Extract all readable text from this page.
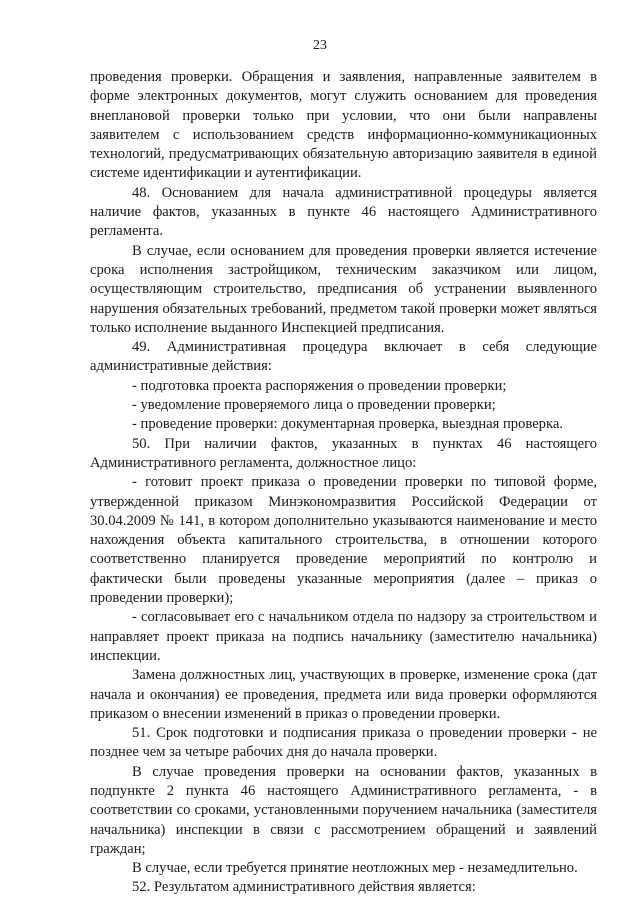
23

проведения проверки. Обращения и заявления, направленные заявителем в форме электронных документов, могут служить основанием для проведения внеплановой проверки только при условии, что они были направлены заявителем с использованием средств информационно-коммуникационных технологий, предусматривающих обязательную авторизацию заявителя в единой системе идентификации и аутентификации.

48. Основанием для начала административной процедуры является наличие фактов, указанных в пункте 46 настоящего Административного регламента.

В случае, если основанием для проведения проверки является истечение срока исполнения застройщиком, техническим заказчиком или лицом, осуществляющим строительство, предписания об устранении выявленного нарушения обязательных требований, предметом такой проверки может являться только исполнение выданного Инспекцией предписания.

49. Административная процедура включает в себя следующие административные действия:

- подготовка проекта распоряжения о проведении проверки;

- уведомление проверяемого лица о проведении проверки;

- проведение проверки: документарная проверка, выездная проверка.

50. При наличии фактов, указанных в пунктах 46 настоящего Административного регламента, должностное лицо:

- готовит проект приказа о проведении проверки по типовой форме, утвержденной приказом Минэкономразвития Российской Федерации от 30.04.2009 № 141, в котором дополнительно указываются наименование и место нахождения объекта капитального строительства, в отношении которого соответственно планируется проведение мероприятий по контролю и фактически были проведены указанные мероприятия (далее – приказ о проведении проверки);

- согласовывает его с начальником отдела по надзору за строительством и направляет проект приказа на подпись начальнику (заместителю начальника) инспекции.

Замена должностных лиц, участвующих в проверке, изменение срока (дат начала и окончания) ее проведения, предмета или вида проверки оформляются приказом о внесении изменений в приказ о проведении проверки.

51. Срок подготовки и подписания приказа о проведении проверки - не позднее чем за четыре рабочих дня до начала проверки.

В случае проведения проверки на основании фактов, указанных в подпункте 2 пункта 46 настоящего Административного регламента, - в соответствии со сроками, установленными поручением начальника (заместителя начальника) инспекции в связи с рассмотрением обращений и заявлений граждан;

В случае, если требуется принятие неотложных мер - незамедлительно.

52. Результатом административного действия является:
